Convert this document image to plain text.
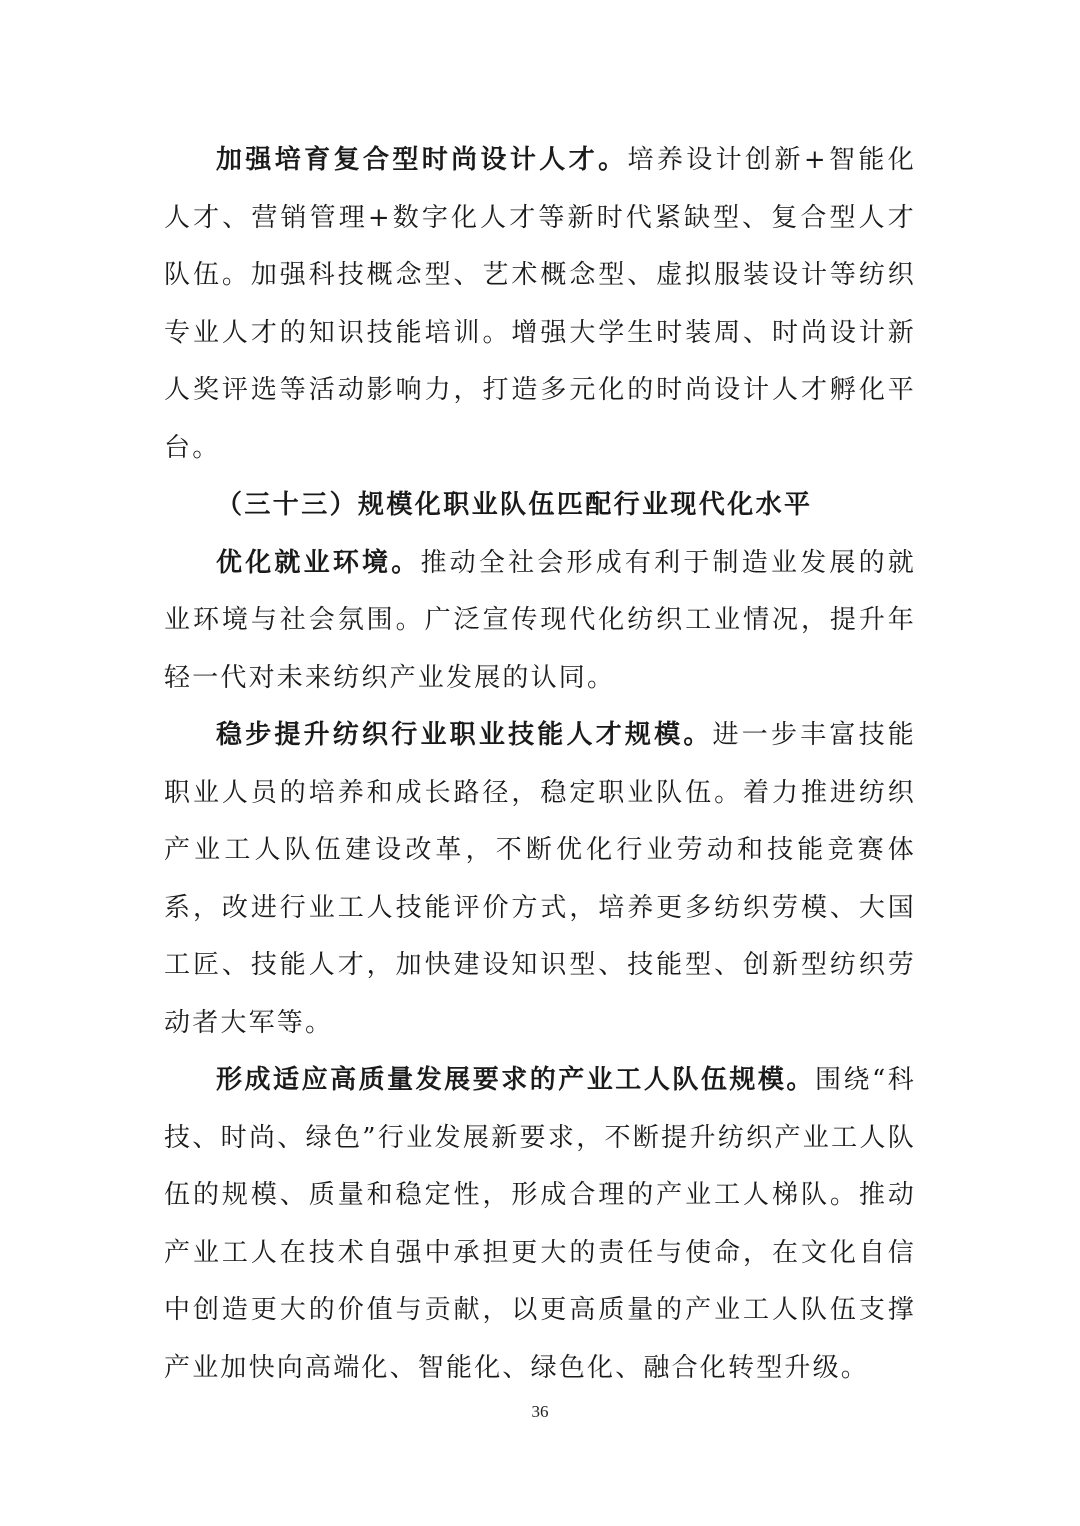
加强培育复合型时尚设计人才。培养设计创新+智能化人才、营销管理+数字化人才等新时代紧缺型、复合型人才队伍。加强科技概念型、艺术概念型、虚拟服装设计等纺织专业人才的知识技能培训。增强大学生时装周、时尚设计新人奖评选等活动影响力，打造多元化的时尚设计人才孵化平台。

（三十三）规模化职业队伍匹配行业现代化水平

优化就业环境。推动全社会形成有利于制造业发展的就业环境与社会氛围。广泛宣传现代化纺织工业情况，提升年轻一代对未来纺织产业发展的认同。

稳步提升纺织行业职业技能人才规模。进一步丰富技能职业人员的培养和成长路径，稳定职业队伍。着力推进纺织产业工人队伍建设改革，不断优化行业劳动和技能竞赛体系，改进行业工人技能评价方式，培养更多纺织劳模、大国工匠、技能人才，加快建设知识型、技能型、创新型纺织劳动者大军等。

形成适应高质量发展要求的产业工人队伍规模。围绕“科技、时尚、绿色”行业发展新要求，不断提升纺织产业工人队伍的规模、质量和稳定性，形成合理的产业工人梯队。推动产业工人在技术自强中承担更大的责任与使命，在文化自信中创造更大的价值与贡献，以更高质量的产业工人队伍支撑产业加快向高端化、智能化、绿色化、融合化转型升级。

36
